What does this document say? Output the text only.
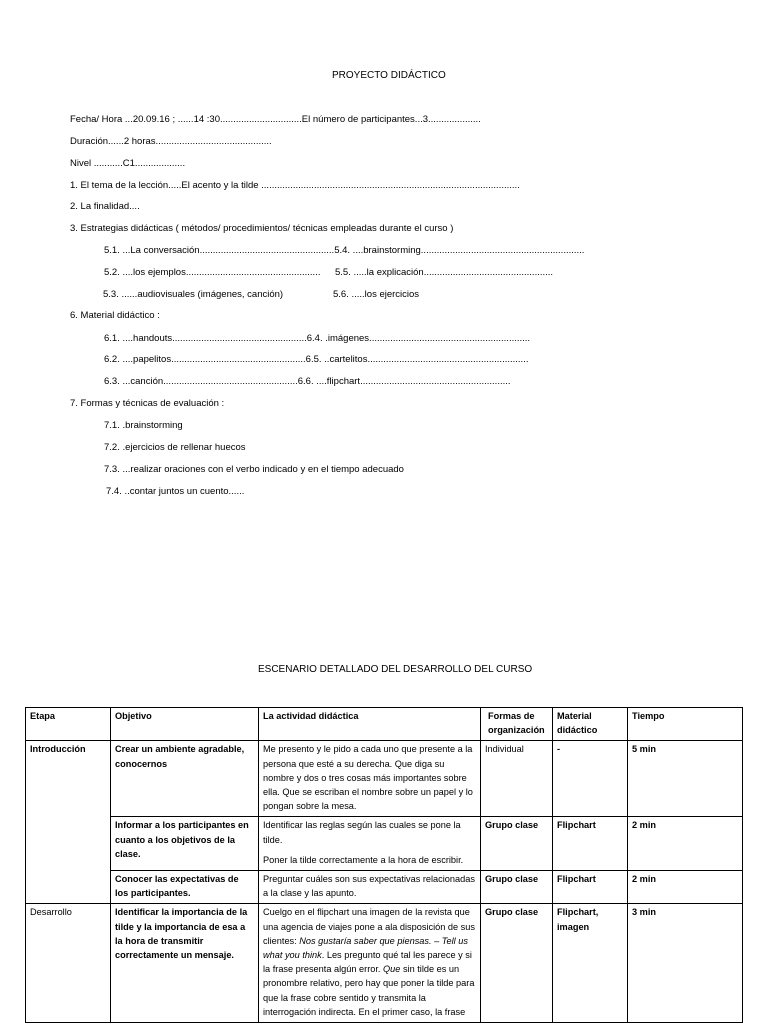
PROYECTO DIDÁCTICO
Fecha/ Hora ...20.09.16 ; ......14 :30...............................El número de participantes...3....................
Duración......2 horas............................................
Nivel ...........C1...................
1. El tema de la lección.....El acento y la tilde ..................................................................................................
2. La finalidad....
3. Estrategias didácticas ( métodos/ procedimientos/ técnicas empleadas durante el curso )
5.1. ...La conversación...................................................5.4. ....brainstorming..............................................................
5.2. ....los ejemplos................................................... 5.5. .....la explicación.................................................
5.3. ......audiovisuales (imágenes, canción)	5.6. .....los ejercicios
6. Material didáctico :
6.1. ....handouts...................................................6.4. .imágenes.............................................................
6.2. ....papelitos...................................................6.5. ..cartelitos.............................................................
6.3. ...canción...................................................6.6. ....flipchart.........................................................
7. Formas y técnicas de evaluación :
7.1. .brainstorming
7.2. .ejercicios de rellenar huecos
7.3. ...realizar oraciones con el verbo indicado y en el tiempo adecuado
7.4. ..contar juntos un cuento......
ESCENARIO DETALLADO DEL DESARROLLO DEL CURSO
Etapa	Objetivo	La actividad didáctica	Formas de organización	Material didáctico	Tiempo
Introducción	Crear un ambiente agradable, conocernos	Me presento y le pido a cada uno que presente a la persona que esté a su derecha. Que diga su nombre y dos o tres cosas más importantes sobre ella. Que se escriban el nombre sobre un papel y lo pongan sobre la mesa.	Individual	-	5 min
	Informar a los participantes en cuanto a los objetivos de la clase.	Identificar las reglas según las cuales se pone la tilde.

Poner la tilde correctamente a la hora de escribir.	Grupo clase	Flipchart	2 min
	Conocer las expectativas de los participantes.	Preguntar cuáles son sus expectativas relacionadas a la clase y las apunto.	Grupo clase	Flipchart	2 min
Desarrollo	Identificar la importancia de la tilde y la importancia de esa a la hora de transmitir correctamente un mensaje.	Cuelgo en el flipchart una imagen de la revista que una agencia de viajes pone a ala disposición de sus clientes: Nos gustaría saber que piensas. – Tell us what you think. Les pregunto qué tal les parece y si la frase presenta algún error. Que sin tilde es un pronombre relativo, pero hay que poner la tilde para que la frase cobre sentido y transmita la interrogación indirecta. En el primer caso, la frase	Grupo clase	Flipchart, imagen	3 min
